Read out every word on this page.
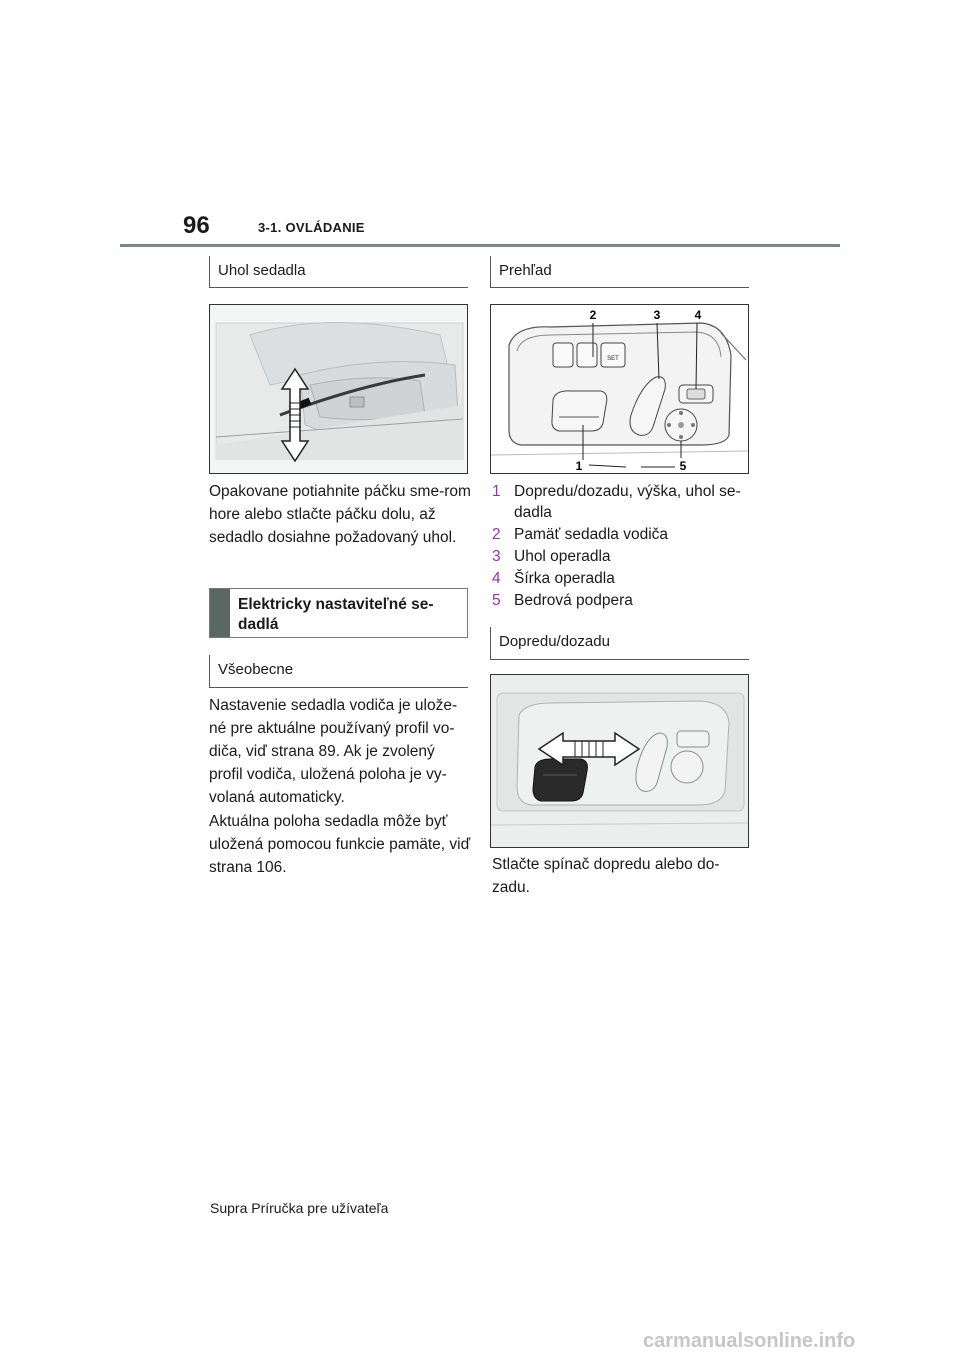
96	3-1. OVLÁDANIE
Uhol sedadla
Opakovane potiahnite páčku sme-rom hore alebo stlačte páčku dolu, až sedadlo dosiahne požadovaný uhol.
Elektricky nastaviteľné se-dadlá
Všeobecne
Nastavenie sedadla vodiča je ulože-né pre aktuálne používaný profil vo-diča, viď strana 89. Ak je zvolený profil vodiča, uložená poloha je vy-volaná automaticky.
Aktuálna poloha sedadla môže byť uložená pomocou funkcie pamäte, viď strana 106.
Prehľad
SET
2	3	4
1	5
1 Dopredu/dozadu, výška, uhol se-dadla
2 Pamäť sedadla vodiča
3 Uhol operadla
4 Šírka operadla
5 Bedrová podpera
Dopredu/dozadu
Stlačte spínač dopredu alebo do-zadu.
Supra Príručka pre užívateľa
carmanualsonline.info
